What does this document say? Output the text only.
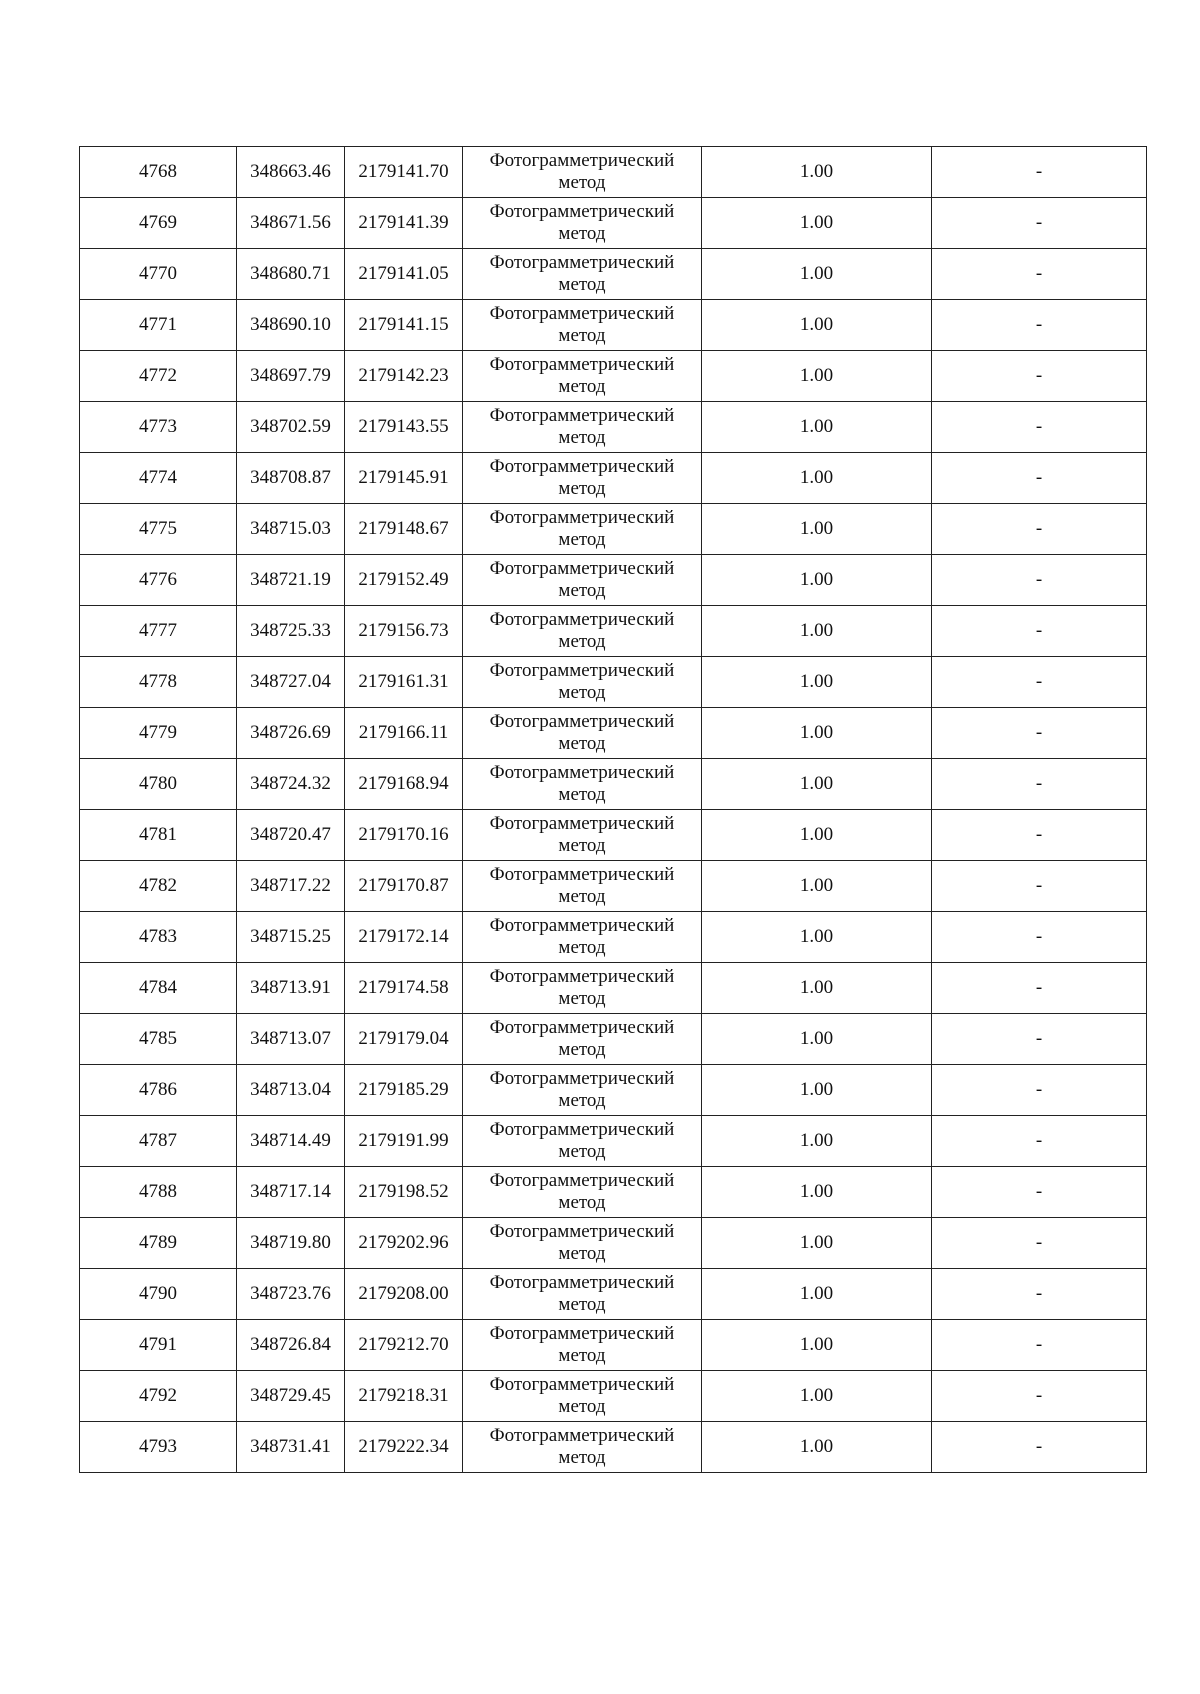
4768	348663.46	2179141.70	Фотограмметрический метод	1.00	-
4769	348671.56	2179141.39	Фотограмметрический метод	1.00	-
4770	348680.71	2179141.05	Фотограмметрический метод	1.00	-
4771	348690.10	2179141.15	Фотограмметрический метод	1.00	-
4772	348697.79	2179142.23	Фотограмметрический метод	1.00	-
4773	348702.59	2179143.55	Фотограмметрический метод	1.00	-
4774	348708.87	2179145.91	Фотограмметрический метод	1.00	-
4775	348715.03	2179148.67	Фотограмметрический метод	1.00	-
4776	348721.19	2179152.49	Фотограмметрический метод	1.00	-
4777	348725.33	2179156.73	Фотограмметрический метод	1.00	-
4778	348727.04	2179161.31	Фотограмметрический метод	1.00	-
4779	348726.69	2179166.11	Фотограмметрический метод	1.00	-
4780	348724.32	2179168.94	Фотограмметрический метод	1.00	-
4781	348720.47	2179170.16	Фотограмметрический метод	1.00	-
4782	348717.22	2179170.87	Фотограмметрический метод	1.00	-
4783	348715.25	2179172.14	Фотограмметрический метод	1.00	-
4784	348713.91	2179174.58	Фотограмметрический метод	1.00	-
4785	348713.07	2179179.04	Фотограмметрический метод	1.00	-
4786	348713.04	2179185.29	Фотограмметрический метод	1.00	-
4787	348714.49	2179191.99	Фотограмметрический метод	1.00	-
4788	348717.14	2179198.52	Фотограмметрический метод	1.00	-
4789	348719.80	2179202.96	Фотограмметрический метод	1.00	-
4790	348723.76	2179208.00	Фотограмметрический метод	1.00	-
4791	348726.84	2179212.70	Фотограмметрический метод	1.00	-
4792	348729.45	2179218.31	Фотограмметрический метод	1.00	-
4793	348731.41	2179222.34	Фотограмметрический метод	1.00	-
